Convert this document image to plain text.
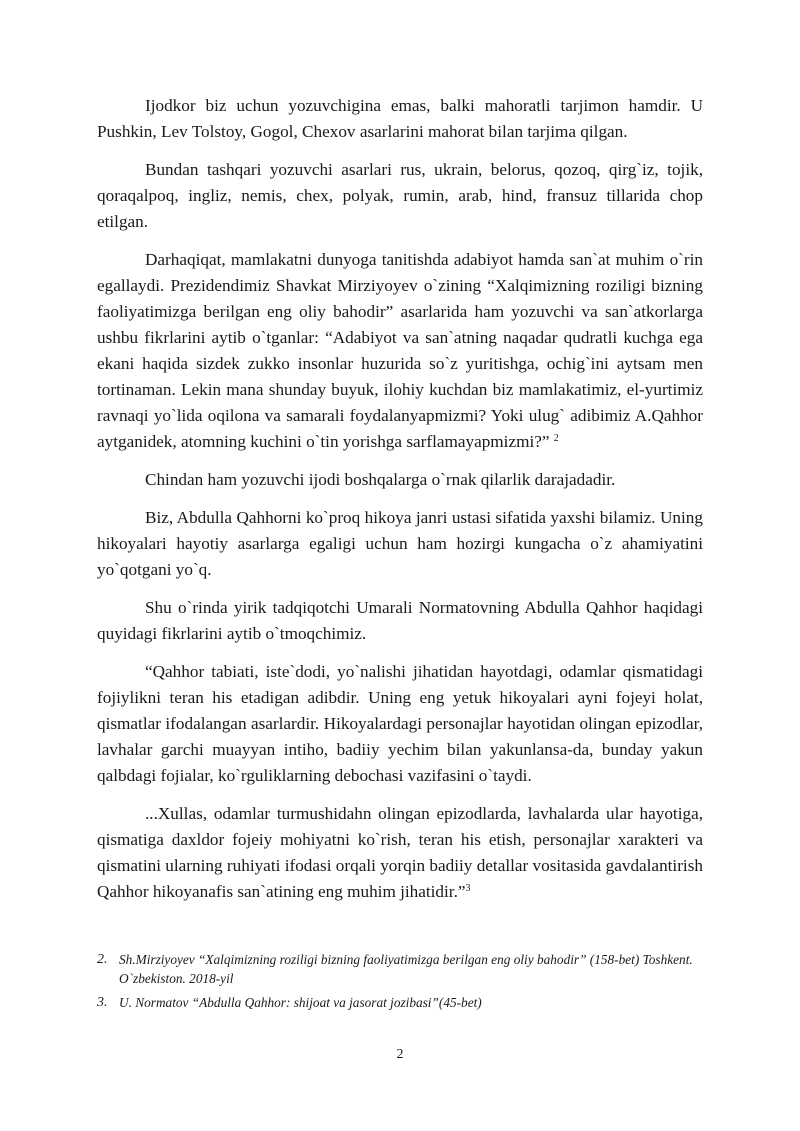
Ijodkor biz uchun yozuvchigina emas, balki mahoratli tarjimon hamdir. U Pushkin, Lev Tolstoy, Gogol, Chexov asarlarini mahorat bilan tarjima qilgan.

Bundan tashqari yozuvchi asarlari rus, ukrain, belorus, qozoq, qirg`iz, tojik, qoraqalpoq, ingliz, nemis, chex, polyak, rumin, arab, hind, fransuz tillarida chop etilgan.

Darhaqiqat, mamlakatni dunyoga tanitishda adabiyot hamda san`at muhim o`rin egallaydi. Prezidendimiz Shavkat Mirziyoyev o`zining “Xalqimizning roziligi bizning faoliyatimizga berilgan eng oliy bahodir” asarlarida ham yozuvchi va san`atkorlarga ushbu fikrlarini aytib o`tganlar: “Adabiyot va san`atning naqadar qudratli kuchga ega ekani haqida sizdek zukko insonlar huzurida so`z yuritishga, ochig`ini aytsam men tortinaman. Lekin mana shunday buyuk, ilohiy kuchdan biz mamlakatimiz, el-yurtimiz ravnaqi yo`lida oqilona va samarali foydalanyapmizmi? Yoki ulug` adibimiz A.Qahhor aytganidek, atomning kuchini o`tin yorishga sarflamayapmizmi?” $^2$

Chindan ham yozuvchi ijodi boshqalarga o`rnak qilarlik darajadadir.

Biz, Abdulla Qahhorni ko`proq hikoya janri ustasi sifatida yaxshi bilamiz. Uning hikoyalari hayotiy asarlarga egaligi uchun ham hozirgi kungacha o`z ahamiyatini yo`qotgani yo`q.

Shu o`rinda yirik tadqiqotchi Umarali Normatovning Abdulla Qahhor haqidagi quyidagi fikrlarini aytib o`tmoqchimiz.

“Qahhor tabiati, iste`dodi, yo`nalishi jihatidan hayotdagi, odamlar qismatidagi fojiylikni teran his etadigan adibdir. Uning eng yetuk hikoyalari ayni fojeyi holat, qismatlar ifodalangan asarlardir. Hikoyalardagi personajlar hayotidan olingan epizodlar, lavhalar garchi muayyan intiho, badiiy yechim bilan yakunlansa-da, bunday yakun qalbdagi fojialar, ko`rguliklarning debochasi vazifasini o`taydi.

...Xullas, odamlar turmushidahn olingan epizodlarda, lavhalarda ular hayotiga, qismatiga daxldor fojeiy mohiyatni ko`rish, teran his etish, personajlar xarakteri va qismatini ularning ruhiyati ifodasi orqali yorqin badiiy detallar vositasida gavdalantirish Qahhor hikoyanafis san`atining eng muhim jihatidir.”$^3$

2. Sh.Mirziyoyev “Xalqimizning roziligi bizning faoliyatimizga berilgan eng oliy bahodir” (158-bet) Toshkent. O`zbekiston. 2018-yil
3. U. Normatov “Abdulla Qahhor: shijoat va jasorat jozibasi”(45-bet)
2
